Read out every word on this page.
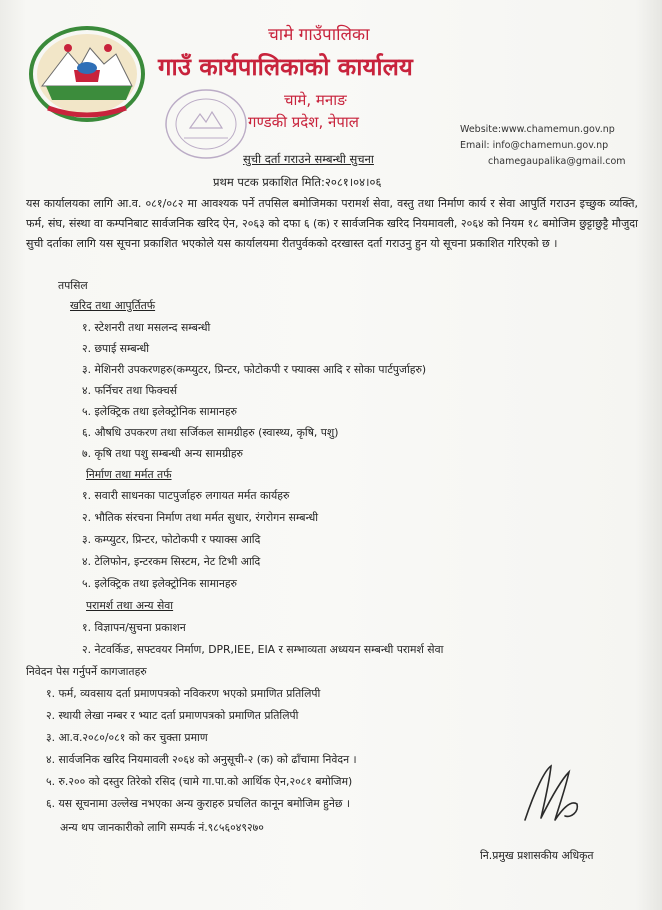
चामे गाउँपालिका
गाउँ कार्यपालिकाको कार्यालय
चामे, मनाङ
गण्डकी प्रदेश, नेपाल	Website:www.chamemun.gov.np
Email: info@chamemun.gov.np
chamegaupalika@gmail.com
सुची दर्ता गराउने सम्बन्धी सुचना
प्रथम पटक प्रकाशित मिति:२०८१।०४।०६
यस कार्यालयका लागि आ.व. ०८१/०८२ मा आवश्यक पर्ने तपसिल बमोजिमका परामर्श सेवा, वस्तु तथा निर्माण कार्य र सेवा आपुर्ति गराउन इच्छुक व्यक्ति, फर्म, संघ, संस्था वा कम्पनिबाट सार्वजनिक खरिद ऐन, २०६३ को दफा ६ (क) र सार्वजनिक खरिद नियमावली, २०६४ को नियम १८ बमोजिम छुट्टाछुट्टै मौजुदा सुची दर्ताका लागि यस सूचना प्रकाशित भएकोले यस कार्यालयमा रीतपुर्वकको दरखास्त दर्ता गराउनु हुन यो सूचना प्रकाशित गरिएको छ ।
तपसिल
खरिद तथा आपुर्तितर्फ
१. स्टेशनरी तथा मसलन्द सम्बन्धी
२. छपाई सम्बन्धी
३. मेशिनरी उपकरणहरु(कम्प्युटर, प्रिन्टर, फोटोकपी र फ्याक्स आदि र सोका पार्टपुर्जाहरु)
४. फर्निचर तथा फिक्चर्स
५. इलेक्ट्रिक तथा इलेक्ट्रोनिक सामानहरु
६. औषधि उपकरण तथा सर्जिकल सामग्रीहरु (स्वास्थ्य, कृषि, पशु)
७. कृषि तथा पशु सम्बन्धी अन्य सामग्रीहरु
निर्माण तथा मर्मत तर्फ
१. सवारी साधनका पाटपुर्जाहरु लगायत मर्मत कार्यहरु
२. भौतिक संरचना निर्माण तथा मर्मत सुधार, रंगरोगन सम्बन्धी
३. कम्प्युटर, प्रिन्टर, फोटोकपी र फ्याक्स आदि
४. टेलिफोन, इन्टरकम सिस्टम, नेट टिभी आदि
५. इलेक्ट्रिक तथा इलेक्ट्रोनिक सामानहरु
परामर्श तथा अन्य सेवा
१. विज्ञापन/सुचना प्रकाशन
२. नेटवर्किङ, सफ्टवयर निर्माण, DPR,IEE, EIA र सम्भाव्यता अध्ययन सम्बन्धी परामर्श सेवा
निवेदन पेस गर्नुपर्ने कागजातहरु
१. फर्म, व्यवसाय दर्ता प्रमाणपत्रको नविकरण भएको प्रमाणित प्रतिलिपी
२. स्थायी लेखा नम्बर र भ्याट दर्ता प्रमाणपत्रको प्रमाणित प्रतिलिपी
३. आ.व.२०८०/०८१ को कर चुक्ता प्रमाण
४. सार्वजनिक खरिद नियमावली २०६४ को अनुसूची-२ (क) को ढाँचामा निवेदन ।
५. रु.२०० को दस्तुर तिरेको रसिद (चामे गा.पा.को आर्थिक ऐन,२०८१ बमोजिम)
६. यस सूचनामा उल्लेख नभएका अन्य कुराहरु प्रचलित कानून बमोजिम हुनेछ ।
अन्य थप जानकारीको लागि सम्पर्क नं.९८५६०४९२७०
नि.प्रमुख प्रशासकीय अधिकृत
